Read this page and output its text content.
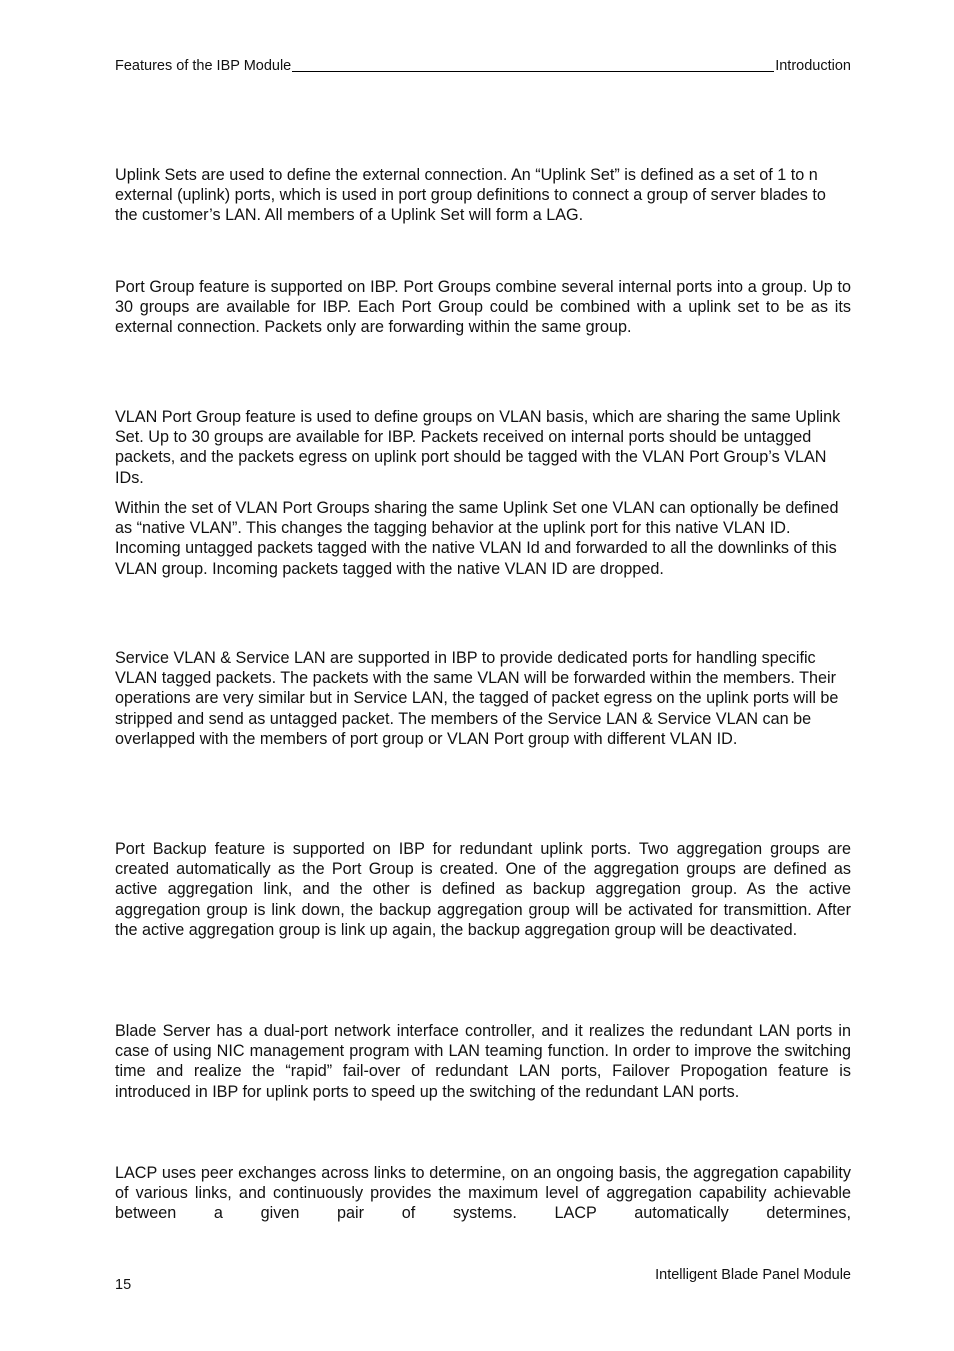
Features of the IBP Module	Introduction

Uplink Sets are used to define the external connection. An “Uplink Set” is defined as a set of 1 to n external (uplink) ports, which is used in port group definitions to connect a group of server blades to the customer’s LAN. All members of a Uplink Set will form a LAG.

Port Group feature is supported on IBP. Port Groups combine several internal ports into a group. Up to 30 groups are available for IBP. Each Port Group could be combined with a uplink set to be as its external connection. Packets only are forwarding within the same group.

VLAN Port Group feature is used to define groups on VLAN basis, which are sharing the same Uplink Set. Up to 30 groups are available for IBP. Packets received on internal ports should be untagged packets, and the packets egress on uplink port should be tagged with the VLAN Port Group’s VLAN IDs.

Within the set of VLAN Port Groups sharing the same Uplink Set one VLAN can optionally be defined as “native VLAN”. This changes the tagging behavior at the uplink port for this native VLAN ID. Incoming untagged packets tagged with the native VLAN Id and forwarded to all the downlinks of this VLAN group. Incoming packets tagged with the native VLAN ID are dropped.

Service VLAN & Service LAN are supported in IBP to provide dedicated ports for handling specific VLAN tagged packets. The packets with the same VLAN will be forwarded within the members. Their operations are very similar but in Service LAN, the tagged of packet egress on the uplink ports will be stripped and send as untagged packet. The members of the Service LAN & Service VLAN can be overlapped with the members of port group or VLAN Port group with different VLAN ID.

Port Backup feature is supported on IBP for redundant uplink ports. Two aggregation groups are created automatically as the Port Group is created. One of the aggregation groups are defined as active aggregation link, and the other is defined as backup aggregation group. As the active aggregation group is link down, the backup aggregation group will be activated for transmittion. After the active aggregation group is link up again, the backup aggregation group will be deactivated.

Blade Server has a dual-port network interface controller, and it realizes the redundant LAN ports in case of using NIC management program with LAN teaming function. In order to improve the switching time and realize the “rapid” fail-over of redundant LAN ports, Failover Propogation feature is introduced in IBP for uplink ports to speed up the switching of the redundant LAN ports.

LACP uses peer exchanges across links to determine, on an ongoing basis, the aggregation capability of various links, and continuously provides the maximum level of aggregation capability achievable between a given pair of systems. LACP automatically determines,

15
Intelligent Blade Panel Module
